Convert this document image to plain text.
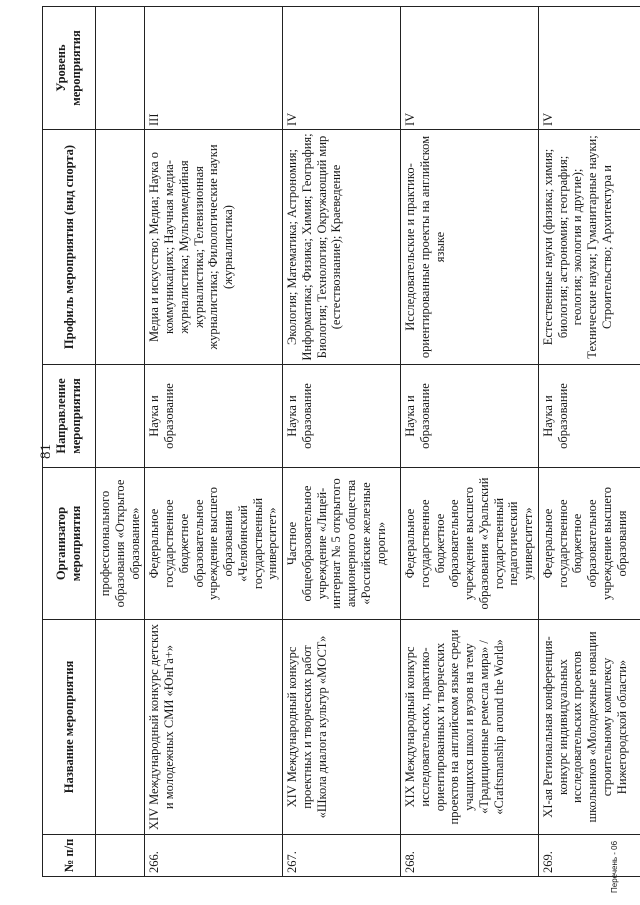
81
№ п/п	Название мероприятия	Организатор мероприятия	Направление мероприятия	Профиль мероприятия (вид спорта)	Уровень мероприятия
		профессионального образования «Открытое образование»			
266.	XIV Международный конкурс детских и молодежных СМИ «ЮнГа+»	Федеральное государственное бюджетное образовательное учреждение высшего образования «Челябинский государственный университет»	Наука и образование	Медиа и искусство; Медиа; Наука о коммуникациях; Научная медиа-журналистика; Мультимедийная журналистика; Телевизионная журналистика; Филологические науки (журналистика)	III
267.	XIV Международный конкурс проектных и творческих работ «Школа диалога культур «МОСТ»	Частное общеобразовательное учреждение «Лицей-интернат № 5 открытого акционерного общества «Российские железные дороги»	Наука и образование	Экология; Математика; Астрономия; Информатика; Физика; Химия; География; Биология; Технология; Окружающий мир (естествознание); Краеведение	IV
268.	XIX Международный конкурс исследовательских, практико-ориентированных и творческих проектов на английском языке среди учащихся школ и вузов на тему «Традиционные ремесла мира» / «Craftsmanship around the World»	Федеральное государственное бюджетное образовательное учреждение высшего образования «Уральский государственный педагогический университет»	Наука и образование	Исследовательские и практико-ориентированные проекты на английском языке	IV
269.	XI-ая Региональная конференция-конкурс индивидуальных исследовательских проектов школьников «Молодежные новации строительному комплексу Нижегородской области»	Федеральное государственное бюджетное образовательное учреждение высшего образования	Наука и образование	Естественные науки (физика; химия; биология; астрономия; география; геология; экология и другие); Технические науки; Гуманитарные науки; Строительство; Архитектура и	IV
Перечень - 06
